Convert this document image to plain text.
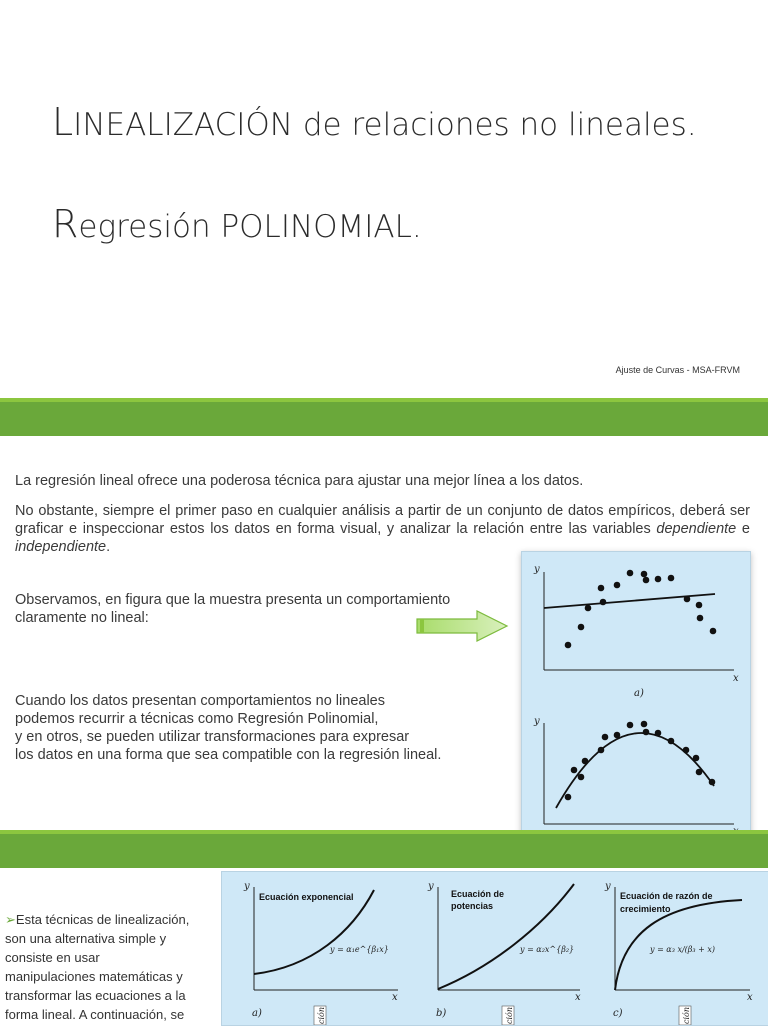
LINEALIZACIÓN de relaciones no lineales.
Regresión POLINOMIAL.
Ajuste de Curvas - MSA-FRVM
La regresión lineal ofrece una poderosa técnica para ajustar una mejor línea a los datos.
No obstante, siempre el primer paso en cualquier análisis a partir de un conjunto de datos empíricos, deberá ser graficar e inspeccionar estos los datos en forma visual, y analizar la relación entre las variables dependiente e independiente.
Observamos, en figura que la muestra presenta un comportamiento
claramente no lineal:
Cuando los datos presentan comportamientos no lineales
podemos recurrir a técnicas como Regresión Polinomial,
y en otros, se pueden utilizar transformaciones para expresar
los datos en una forma que sea compatible con la regresión lineal.
y
x
a)
y
➢Esta técnicas de linealización,
son una alternativa simple y
consiste en usar
manipulaciones matemáticas y
transformar las ecuaciones a la
forma lineal. A continuación, se
y
x
Ecuación exponencial
y = α₁e^{β₁x}
a)	ción
y
x
Ecuación de
potencias
y = α₂x^{β₂}
b)	ción
y
x
Ecuación de razón de
crecimiento
y = α₃ x/(β₃ + x)
c)	ción
